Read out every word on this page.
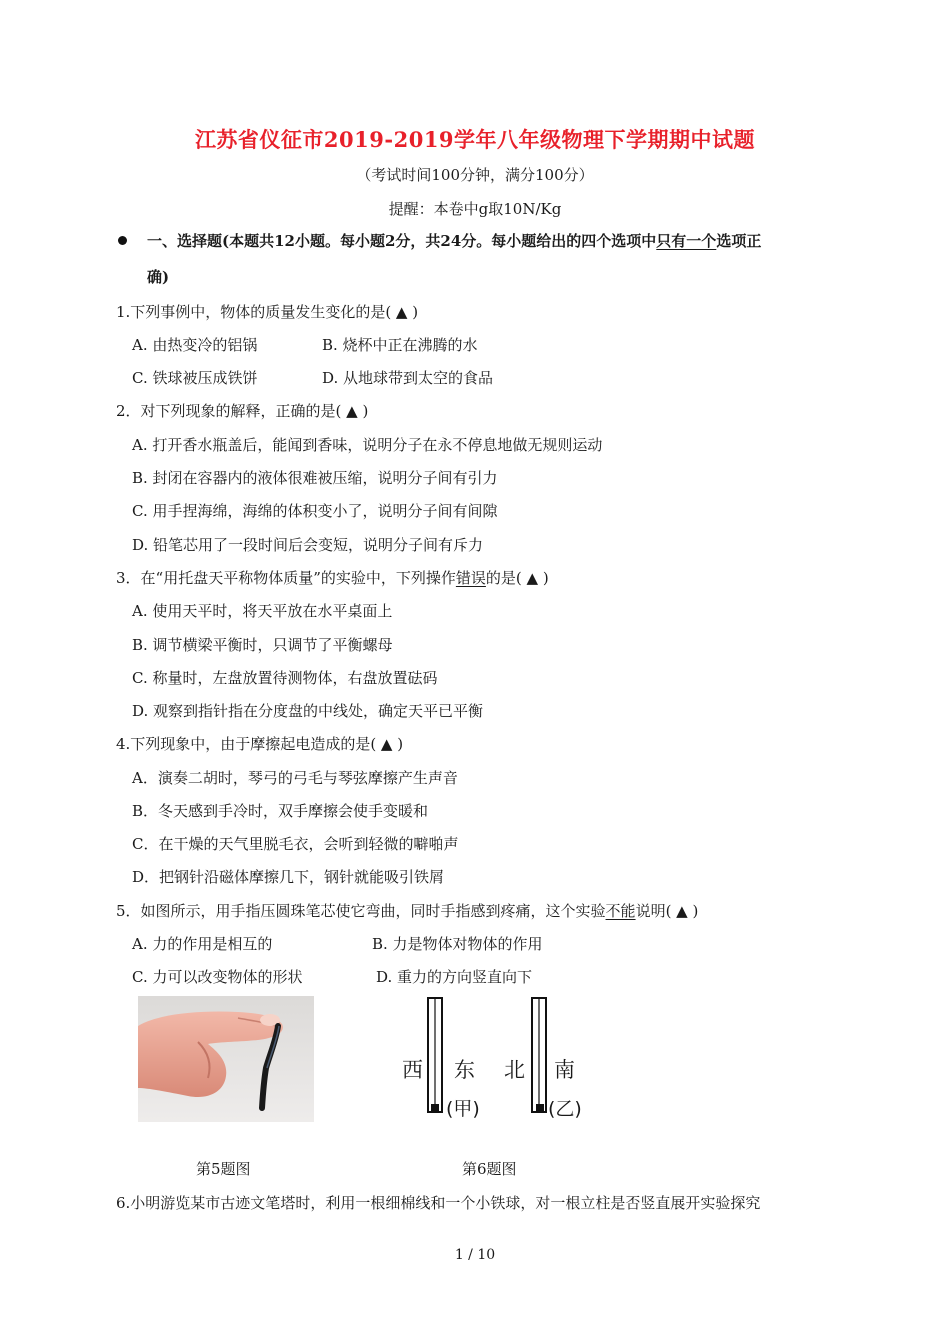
江苏省仪征市2019-2019学年八年级物理下学期期中试题
（考试时间100分钟，满分100分）
提醒：本卷中g取10N/Kg
一、选择题(本题共12小题。每小题2分，共24分。每小题给出的四个选项中只有一个选项正
确)
1.下列事例中，物体的质量发生变化的是( ▲ )
A. 由热变冷的铝锅	B. 烧杯中正在沸腾的水
C. 铁球被压成铁饼	D. 从地球带到太空的食品
2．对下列现象的解释，正确的是( ▲ )
A. 打开香水瓶盖后，能闻到香味，说明分子在永不停息地做无规则运动
B. 封闭在容器内的液体很难被压缩，说明分子间有引力
C. 用手捏海绵，海绵的体积变小了，说明分子间有间隙
D. 铅笔芯用了一段时间后会变短，说明分子间有斥力
3．在“用托盘天平称物体质量”的实验中，下列操作错误的是( ▲ )
A. 使用天平时，将天平放在水平桌面上
B. 调节横梁平衡时，只调节了平衡螺母
C. 称量时，左盘放置待测物体，右盘放置砝码
D. 观察到指针指在分度盘的中线处，确定天平已平衡
4.下列现象中，由于摩擦起电造成的是( ▲ )
A．演奏二胡时，琴弓的弓毛与琴弦摩擦产生声音
B．冬天感到手冷时，双手摩擦会使手变暖和
C．在干燥的天气里脱毛衣，会听到轻微的噼啪声
D．把钢针沿磁体摩擦几下，钢针就能吸引铁屑
5．如图所示，用手指压圆珠笔芯使它弯曲，同时手指感到疼痛，这个实验不能说明( ▲ )
A. 力的作用是相互的	B. 力是物体对物体的作用
C. 力可以改变物体的形状	D. 重力的方向竖直向下
西 东 北 南
(甲)	(乙)
第5题图	第6题图
6.小明游览某市古迹文笔塔时，利用一根细棉线和一个小铁球，对一根立柱是否竖直展开实验探究
1 / 10
